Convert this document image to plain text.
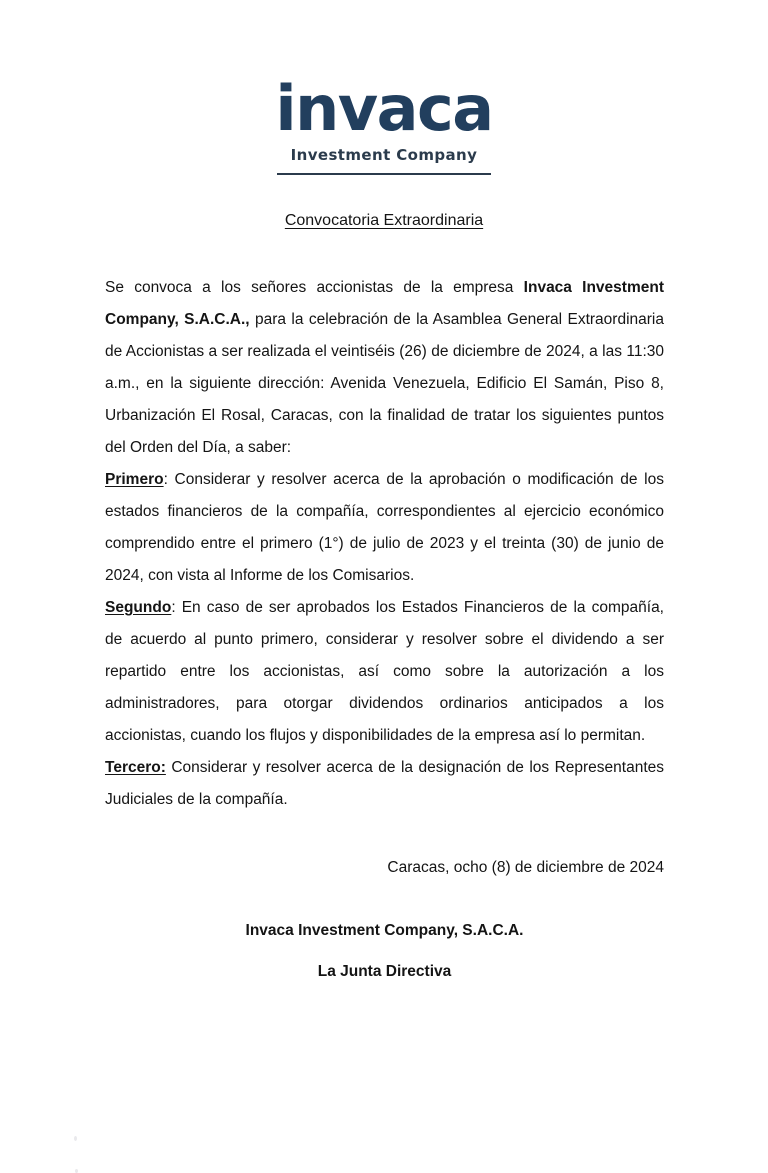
invaca
Investment Company
Convocatoria Extraordinaria

Se convoca a los señores accionistas de la empresa Invaca Investment Company, S.A.C.A., para la celebración de la Asamblea General Extraordinaria de Accionistas a ser realizada el veintiséis (26) de diciembre de 2024, a las 11:30 a.m., en la siguiente dirección: Avenida Venezuela, Edificio El Samán, Piso 8, Urbanización El Rosal, Caracas, con la finalidad de tratar los siguientes puntos del Orden del Día, a saber:

Primero: Considerar y resolver acerca de la aprobación o modificación de los estados financieros de la compañía, correspondientes al ejercicio económico comprendido entre el primero (1°) de julio de 2023 y el treinta (30) de junio de 2024, con vista al Informe de los Comisarios.

Segundo: En caso de ser aprobados los Estados Financieros de la compañía, de acuerdo al punto primero, considerar y resolver sobre el dividendo a ser repartido entre los accionistas, así como sobre la autorización a los administradores, para otorgar dividendos ordinarios anticipados a los accionistas, cuando los flujos y disponibilidades de la empresa así lo permitan.

Tercero: Considerar y resolver acerca de la designación de los Representantes Judiciales de la compañía.

Caracas, ocho (8) de diciembre de 2024
Invaca Investment Company, S.A.C.A.
La Junta Directiva
